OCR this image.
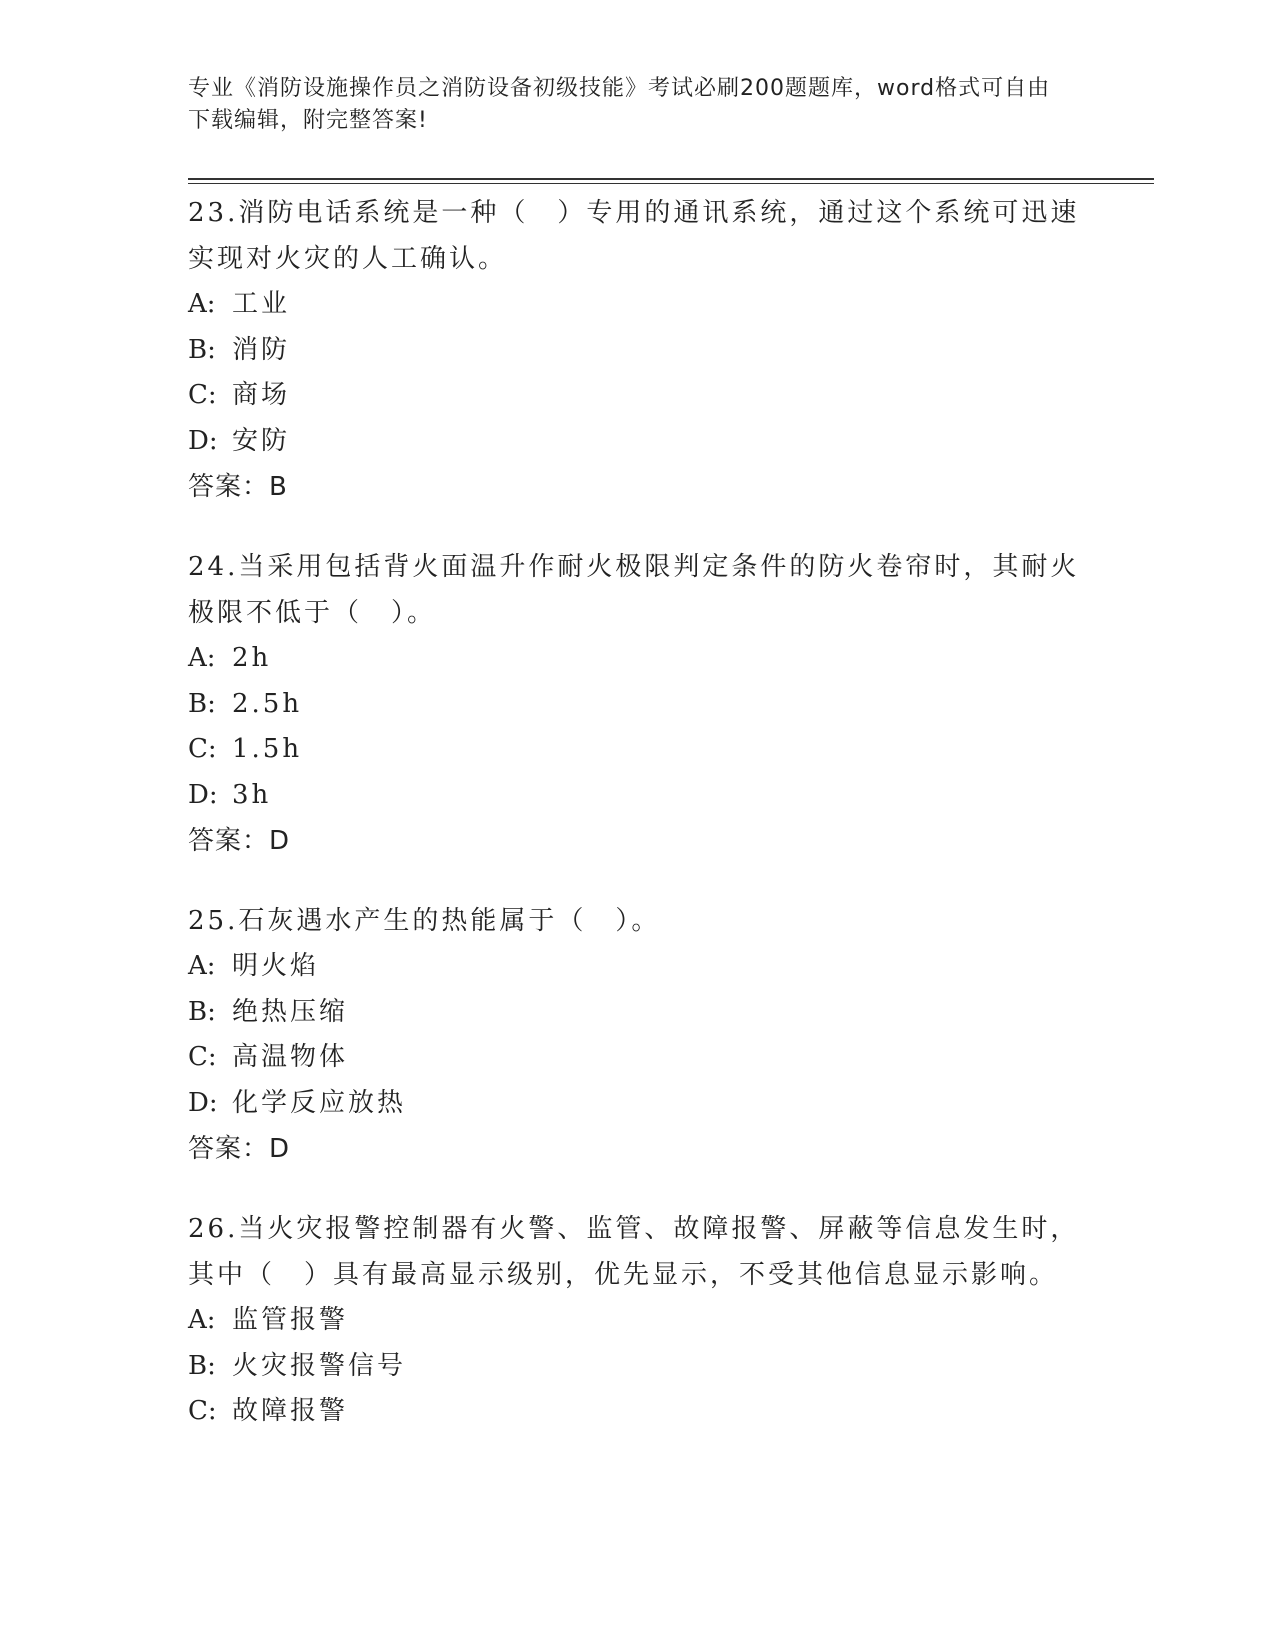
专业《消防设施操作员之消防设备初级技能》考试必刷200题题库，word格式可自由下载编辑，附完整答案!
23.消防电话系统是一种（　）专用的通讯系统，通过这个系统可迅速实现对火灾的人工确认。
A: 工业
B: 消防
C: 商场
D: 安防
答案：B
24.当采用包括背火面温升作耐火极限判定条件的防火卷帘时，其耐火极限不低于（　）。
A: 2h
B: 2.5h
C: 1.5h
D: 3h
答案：D
25.石灰遇水产生的热能属于（　）。
A: 明火焰
B: 绝热压缩
C: 高温物体
D: 化学反应放热
答案：D
26.当火灾报警控制器有火警、监管、故障报警、屏蔽等信息发生时，其中（　）具有最高显示级别，优先显示，不受其他信息显示影响。
A: 监管报警
B: 火灾报警信号
C: 故障报警
